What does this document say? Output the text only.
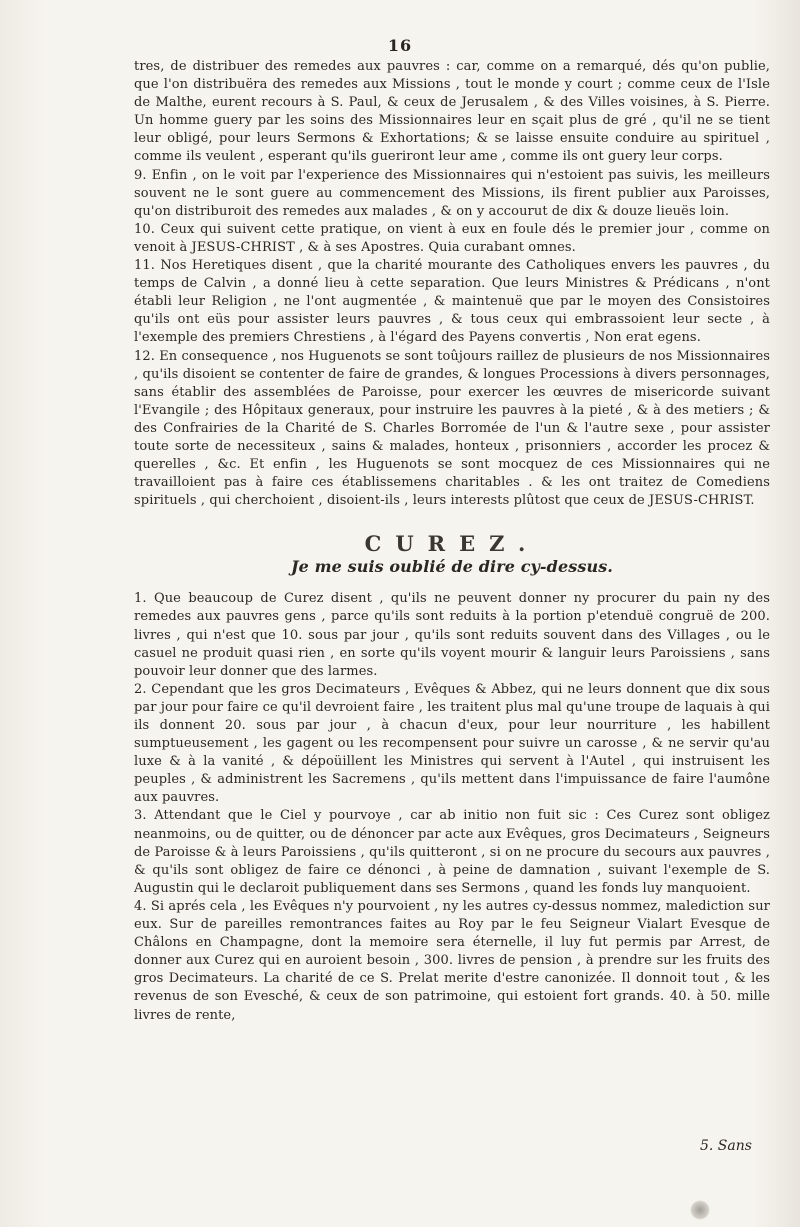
16

tres, de distribuer des remedes aux pauvres : car, comme on a remarqué, dés qu'on publie, que l'on distribuëra des remedes aux Missions , tout le monde y court ; comme ceux de l'Isle de Malthe, eurent recours à S. Paul, & ceux de Jerusalem , & des Villes voisines, à S. Pierre. Un homme guery par les soins des Missionnaires leur en sçait plus de gré , qu'il ne se tient leur obligé, pour leurs Sermons & Exhortations; & se laisse ensuite conduire au spirituel , comme ils veulent , esperant qu'ils gueriront leur ame , comme ils ont guery leur corps.

9. Enfin , on le voit par l'experience des Missionnaires qui n'estoient pas suivis, les meilleurs souvent ne le sont guere au commencement des Missions, ils firent publier aux Paroisses, qu'on distriburoit des remedes aux malades , & on y accourut de dix & douze lieuës loin.

10. Ceux qui suivent cette pratique, on vient à eux en foule dés le premier jour , comme on venoit à JESUS-CHRIST , & à ses Apostres. Quia curabant omnes.

11. Nos Heretiques disent , que la charité mourante des Catholiques envers les pauvres , du temps de Calvin , a donné lieu à cette separation. Que leurs Ministres & Prédicans , n'ont établi leur Religion , ne l'ont augmentée , & maintenuë que par le moyen des Consistoires qu'ils ont eüs pour assister leurs pauvres , & tous ceux qui embrassoient leur secte , à l'exemple des premiers Chrestiens , à l'égard des Payens convertis , Non erat egens.

12. En consequence , nos Huguenots se sont toûjours raillez de plusieurs de nos Missionnaires , qu'ils disoient se contenter de faire de grandes, & longues Processions à divers personnages, sans établir des assemblées de Paroisse, pour exercer les œuvres de misericorde suivant l'Evangile ; des Hôpitaux generaux, pour instruire les pauvres à la pieté , & à des metiers ; & des Confrairies de la Charité de S. Charles Borromée de l'un & l'autre sexe , pour assister toute sorte de necessiteux , sains & malades, honteux , prisonniers , accorder les procez & querelles , &c. Et enfin , les Huguenots se sont mocquez de ces Missionnaires qui ne travailloient pas à faire ces établissemens charitables . & les ont traitez de Comediens spirituels , qui cherchoient , disoient-ils , leurs interests plûtost que ceux de JESUS-CHRIST.

CUREZ.
Je me suis oublié de dire cy-dessus.

1. Que beaucoup de Curez disent , qu'ils ne peuvent donner ny procurer du pain ny des remedes aux pauvres gens , parce qu'ils sont reduits à la portion p'etenduë congruë de 200. livres , qui n'est que 10. sous par jour , qu'ils sont reduits souvent dans des Villages , ou le casuel ne produit quasi rien , en sorte qu'ils voyent mourir & languir leurs Paroissiens , sans pouvoir leur donner que des larmes.

2. Cependant que les gros Decimateurs , Evêques & Abbez, qui ne leurs donnent que dix sous par jour pour faire ce qu'il devroient faire , les traitent plus mal qu'une troupe de laquais à qui ils donnent 20. sous par jour , à chacun d'eux, pour leur nourriture , les habillent sumptueusement , les gagent ou les recompensent pour suivre un carosse , & ne servir qu'au luxe & à la vanité , & dépoüillent les Ministres qui servent à l'Autel , qui instruisent les peuples , & administrent les Sacremens , qu'ils mettent dans l'impuissance de faire l'aumône aux pauvres.

3. Attendant que le Ciel y pourvoye , car ab initio non fuit sic : Ces Curez sont obligez neanmoins, ou de quitter, ou de dénoncer par acte aux Evêques, gros Decimateurs , Seigneurs de Paroisse & à leurs Paroissiens , qu'ils quitteront , si on ne procure du secours aux pauvres , & qu'ils sont obligez de faire ce dénonci , à peine de damnation , suivant l'exemple de S. Augustin qui le declaroit publiquement dans ses Sermons , quand les fonds luy manquoient.

4. Si aprés cela , les Evêques n'y pourvoient , ny les autres cy-dessus nommez, malediction sur eux. Sur de pareilles remontrances faites au Roy par le feu Seigneur Vialart Evesque de Châlons en Champagne, dont la memoire sera éternelle, il luy fut permis par Arrest, de donner aux Curez qui en auroient besoin , 300. livres de pension , à prendre sur les fruits des gros Decimateurs. La charité de ce S. Prelat merite d'estre canonizée. Il donnoit tout , & les revenus de son Evesché, & ceux de son patrimoine, qui estoient fort grands. 40. à 50. mille livres de rente,

5. Sans
